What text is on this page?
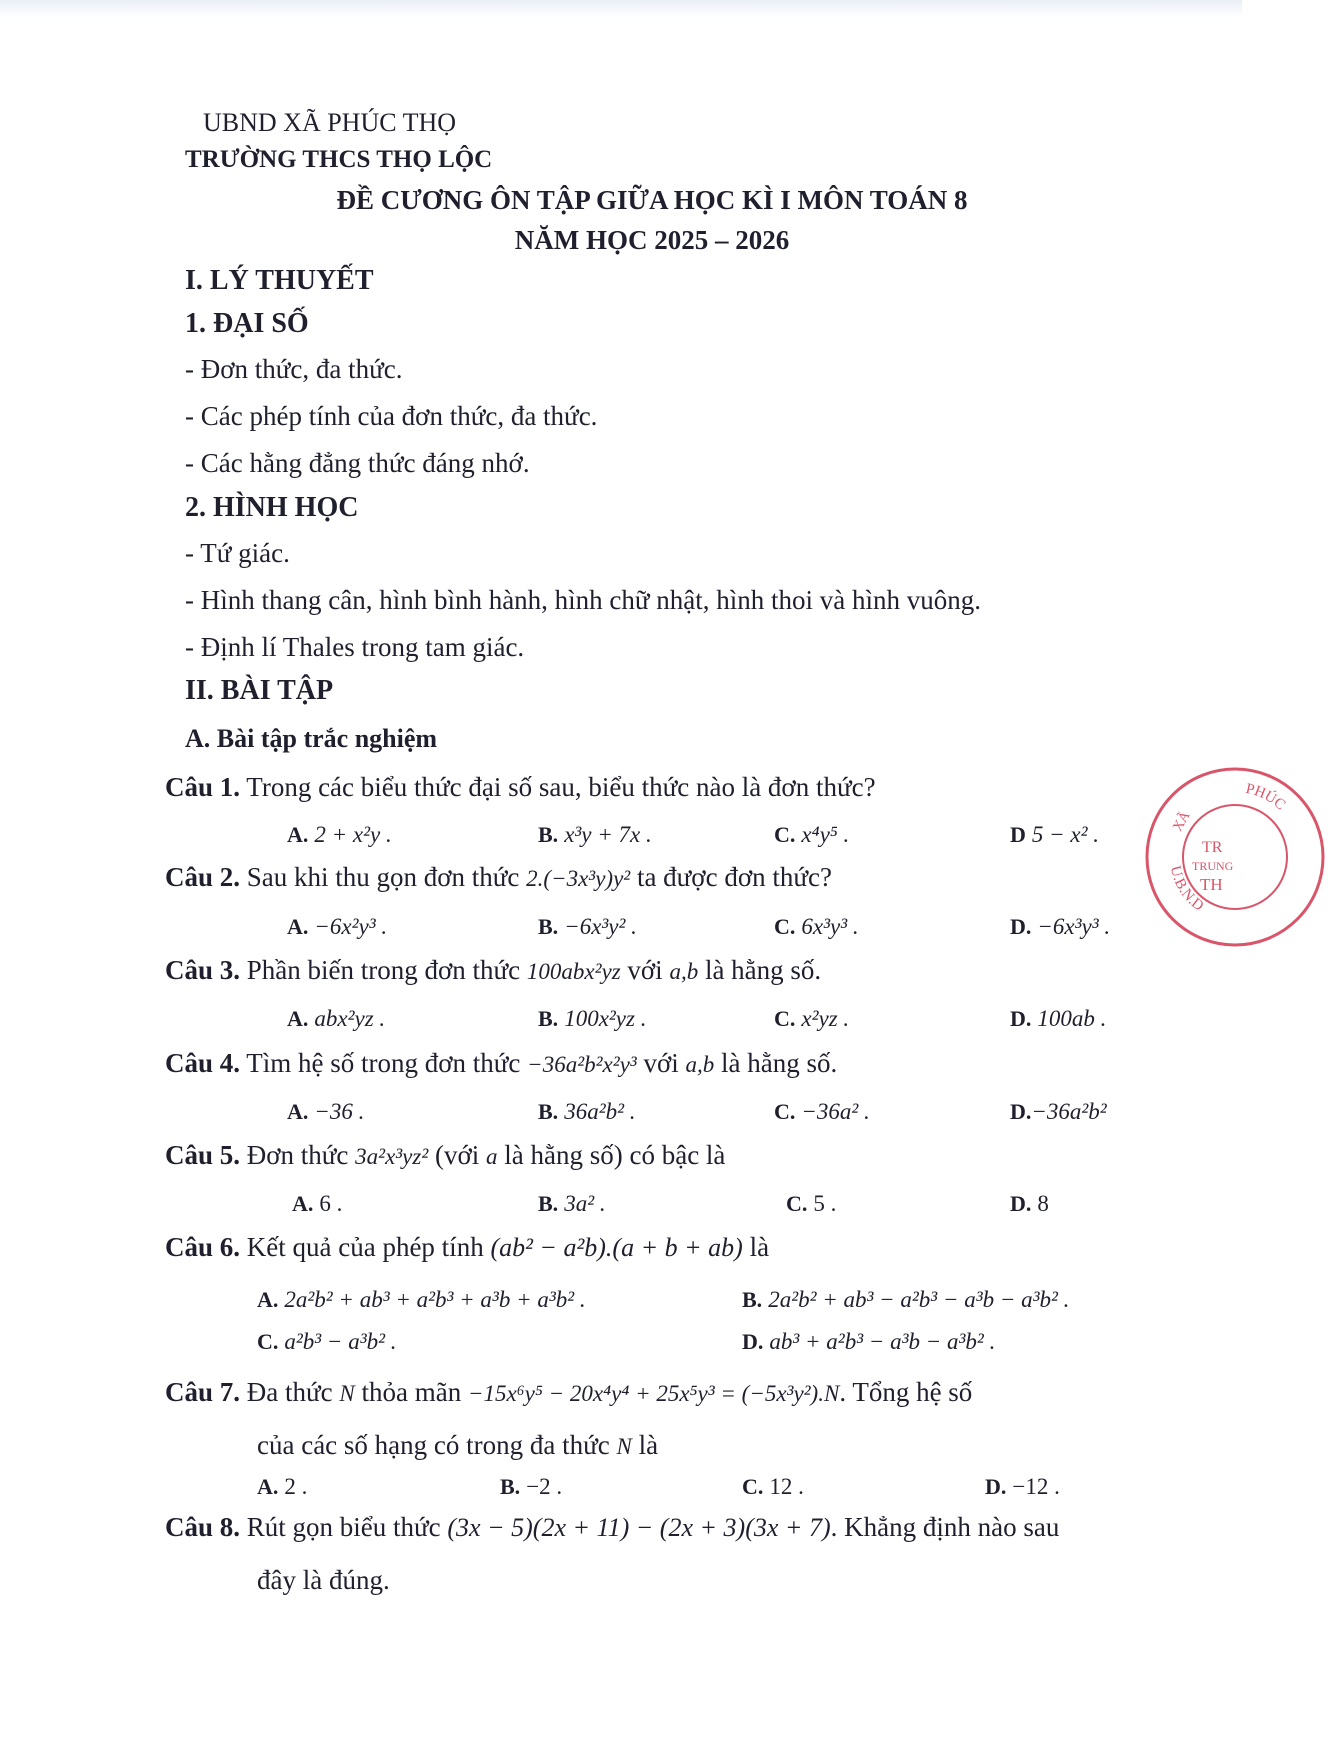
UBND XÃ PHÚC THỌ
TRƯỜNG THCS THỌ LỘC
ĐỀ CƯƠNG ÔN TẬP GIỮA HỌC KÌ I MÔN TOÁN 8
NĂM HỌC 2025 – 2026
I. LÝ THUYẾT
1. ĐẠI SỐ
- Đơn thức, đa thức.
- Các phép tính của đơn thức, đa thức.
- Các hằng đẳng thức đáng nhớ.
2. HÌNH HỌC
- Tứ giác.
- Hình thang cân, hình bình hành, hình chữ nhật, hình thoi và hình vuông.
- Định lí Thales trong tam giác.
II. BÀI TẬP
A. Bài tập trắc nghiệm
Câu 1. Trong các biểu thức đại số sau, biểu thức nào là đơn thức?
A. 2 + x²y .	B. x³y + 7x .	C. x⁴y⁵ .	D 5 − x² .
Câu 2. Sau khi thu gọn đơn thức 2.(−3x³y)y² ta được đơn thức?
A. −6x²y³ .	B. −6x³y² .	C. 6x³y³ .	D. −6x³y³ .
Câu 3. Phần biến trong đơn thức 100abx²yz với a,b là hằng số.
A. abx²yz .	B. 100x²yz .	C. x²yz .	D. 100ab .
Câu 4. Tìm hệ số trong đơn thức −36a²b²x²y³ với a,b là hằng số.
A. −36 .	B. 36a²b² .	C. −36a² .	D.−36a²b²
Câu 5. Đơn thức 3a²x³yz² (với a là hằng số) có bậc là
A. 6 .	B. 3a² .	C. 5 .	D. 8
Câu 6. Kết quả của phép tính (ab² − a²b).(a + b + ab) là
A. 2a²b² + ab³ + a²b³ + a³b + a³b² .	B. 2a²b² + ab³ − a²b³ − a³b − a³b² .
C. a²b³ − a³b² .	D. ab³ + a²b³ − a³b − a³b² .
Câu 7. Đa thức N thỏa mãn −15x⁶y⁵ − 20x⁴y⁴ + 25x⁵y³ = (−5x³y²).N. Tổng hệ số
của các số hạng có trong đa thức N là
A. 2 .	B. −2 .	C. 12 .	D. −12 .
Câu 8. Rút gọn biểu thức (3x − 5)(2x + 11) − (2x + 3)(3x + 7). Khẳng định nào sau
đây là đúng.
PHÚC
XÃ
TR
TRUNG
TH
U.B.N.D
